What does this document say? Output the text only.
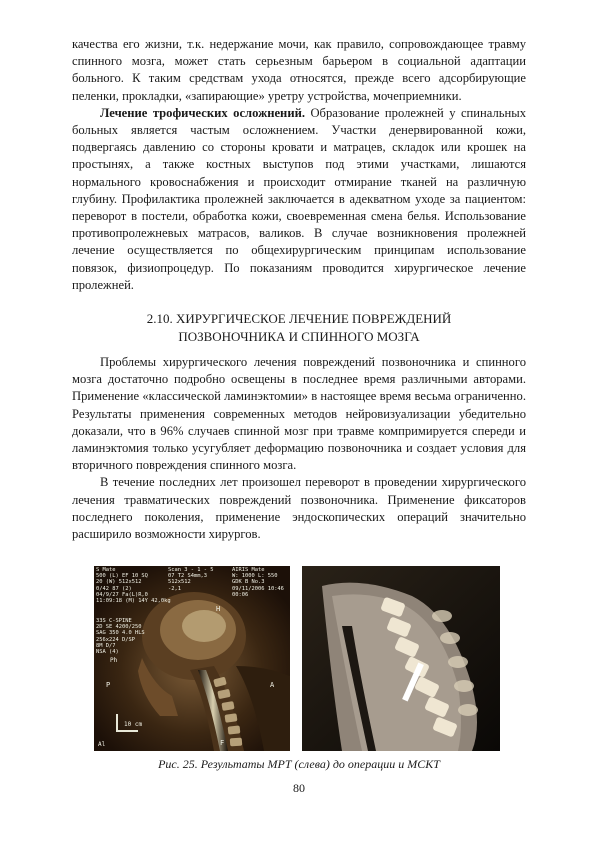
качества его жизни, т.к. недержание мочи, как правило, сопровождающее травму спинного мозга, может стать серьезным барьером в социальной адаптации больного. К таким средствам ухода относятся, прежде всего адсорбирующие пеленки, прокладки, «запирающие» уретру устройства, мочеприемники.

Лечение трофических осложнений. Образование пролежней у спинальных больных является частым осложнением. Участки денервированной кожи, подвергаясь давлению со стороны кровати и матрацев, складок или крошек на простынях, а также костных выступов под этими участками, лишаются нормального кровоснабжения и происходит отмирание тканей на различную глубину. Профилактика пролежней заключается в адекватном уходе за пациентом: переворот в постели, обработка кожи, своевременная смена белья. Использование противопролежневых матрасов, валиков. В случае возникновения пролежней лечение осуществляется по общехирургическим принципам использование повязок, физиопроцедур. По показаниям проводится хирургическое лечение пролежней.

2.10. ХИРУРГИЧЕСКОЕ ЛЕЧЕНИЕ ПОВРЕЖДЕНИЙ
ПОЗВОНОЧНИКА И СПИННОГО МОЗГА

Проблемы хирургического лечения повреждений позвоночника и спинного мозга достаточно подробно освещены в последнее время различными авторами. Применение «классической ламинэктомии» в настоящее время весьма ограниченно. Результаты применения современных методов нейровизуализации убедительно доказали, что в 96% случаев спинной мозг при травме компримируется спереди и ламинэктомия только усугубляет деформацию позвоночника и создает условия для вторичного повреждения спинного мозга.

В течение последних лет произошел переворот в проведении хирургического лечения травматических повреждений позвоночника. Применение фиксаторов последнего поколения, применение эндоскопических операций значительно расширило возможности хирургов.

S Mate
500 (L) EF 10 SQ
20 (W) 512x512
0/42 87 (2)
04/9/27 Fa(L)R,0
11:09:18 (M) 14Y 42,0kg
Scan 3 - 1 - 5
07 T2 S4mm,3
512x512
-2,1
AIRIS Mate
W: 1000 L: 550
GDK B No.3
09/11/2006 10:46
00:06
33S C-SPINE
2D SE 4200/250
SAG 350 4.0 HLS
256x224 D/SP
8M D/7
NSA (4)
H
Ph
P	A
F
Al
10 cm
Рис. 25. Результаты МРТ (слева) до операции и МСКТ
80
